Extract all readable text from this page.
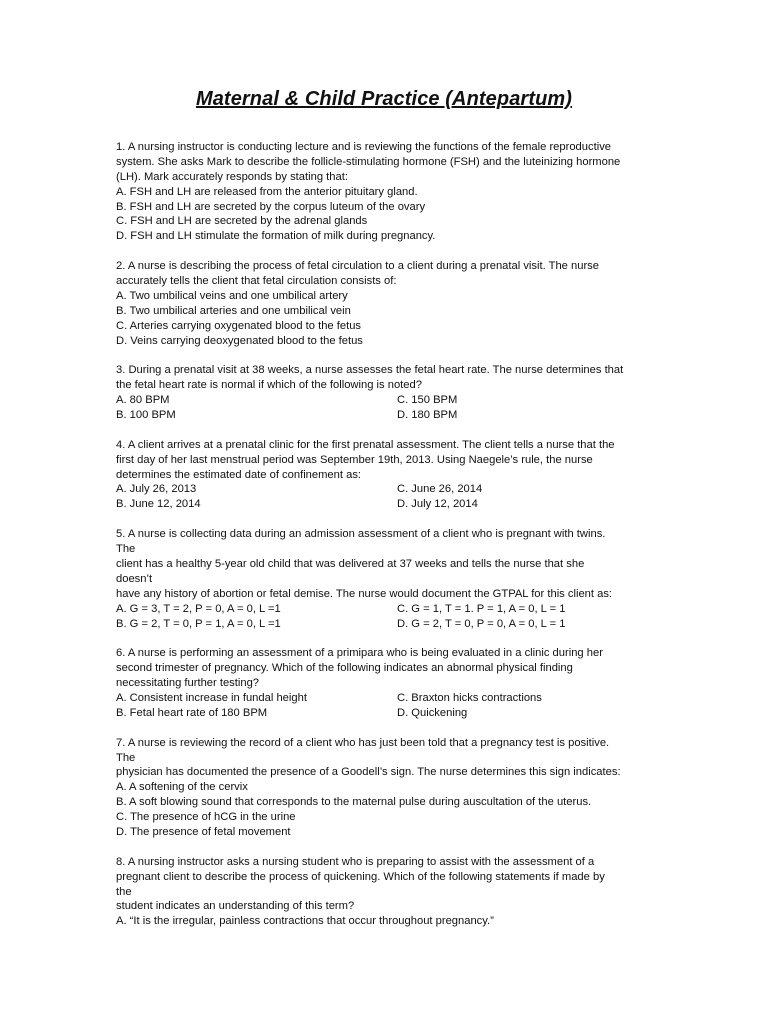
Maternal & Child Practice (Antepartum)
1. A nursing instructor is conducting lecture and is reviewing the functions of the female reproductive
system. She asks Mark to describe the follicle-stimulating hormone (FSH) and the luteinizing hormone
(LH). Mark accurately responds by stating that:
A. FSH and LH are released from the anterior pituitary gland.
B. FSH and LH are secreted by the corpus luteum of the ovary
C. FSH and LH are secreted by the adrenal glands
D. FSH and LH stimulate the formation of milk during pregnancy.
2. A nurse is describing the process of fetal circulation to a client during a prenatal visit. The nurse
accurately tells the client that fetal circulation consists of:
A. Two umbilical veins and one umbilical artery
B. Two umbilical arteries and one umbilical vein
C. Arteries carrying oxygenated blood to the fetus
D. Veins carrying deoxygenated blood to the fetus
3. During a prenatal visit at 38 weeks, a nurse assesses the fetal heart rate. The nurse determines that
the fetal heart rate is normal if which of the following is noted?
A. 80 BPM	C. 150 BPM
B. 100 BPM	D. 180 BPM
4. A client arrives at a prenatal clinic for the first prenatal assessment. The client tells a nurse that the
first day of her last menstrual period was September 19th, 2013. Using Naegele’s rule, the nurse
determines the estimated date of confinement as:
A. July 26, 2013	C. June 26, 2014
B. June 12, 2014	D. July 12, 2014
5. A nurse is collecting data during an admission assessment of a client who is pregnant with twins.
The
client has a healthy 5-year old child that was delivered at 37 weeks and tells the nurse that she
doesn’t
have any history of abortion or fetal demise. The nurse would document the GTPAL for this client as:
A. G = 3, T = 2, P = 0, A = 0, L =1	C. G = 1, T = 1. P = 1, A = 0, L = 1
B. G = 2, T = 0, P = 1, A = 0, L =1	D. G = 2, T = 0, P = 0, A = 0, L = 1
6. A nurse is performing an assessment of a primipara who is being evaluated in a clinic during her
second trimester of pregnancy. Which of the following indicates an abnormal physical finding
necessitating further testing?
A. Consistent increase in fundal height	C. Braxton hicks contractions
B. Fetal heart rate of 180 BPM	D. Quickening
7. A nurse is reviewing the record of a client who has just been told that a pregnancy test is positive.
The
physician has documented the presence of a Goodell’s sign. The nurse determines this sign indicates:
A. A softening of the cervix
B. A soft blowing sound that corresponds to the maternal pulse during auscultation of the uterus.
C. The presence of hCG in the urine
D. The presence of fetal movement
8. A nursing instructor asks a nursing student who is preparing to assist with the assessment of a
pregnant client to describe the process of quickening. Which of the following statements if made by
the
student indicates an understanding of this term?
A. “It is the irregular, painless contractions that occur throughout pregnancy.”
